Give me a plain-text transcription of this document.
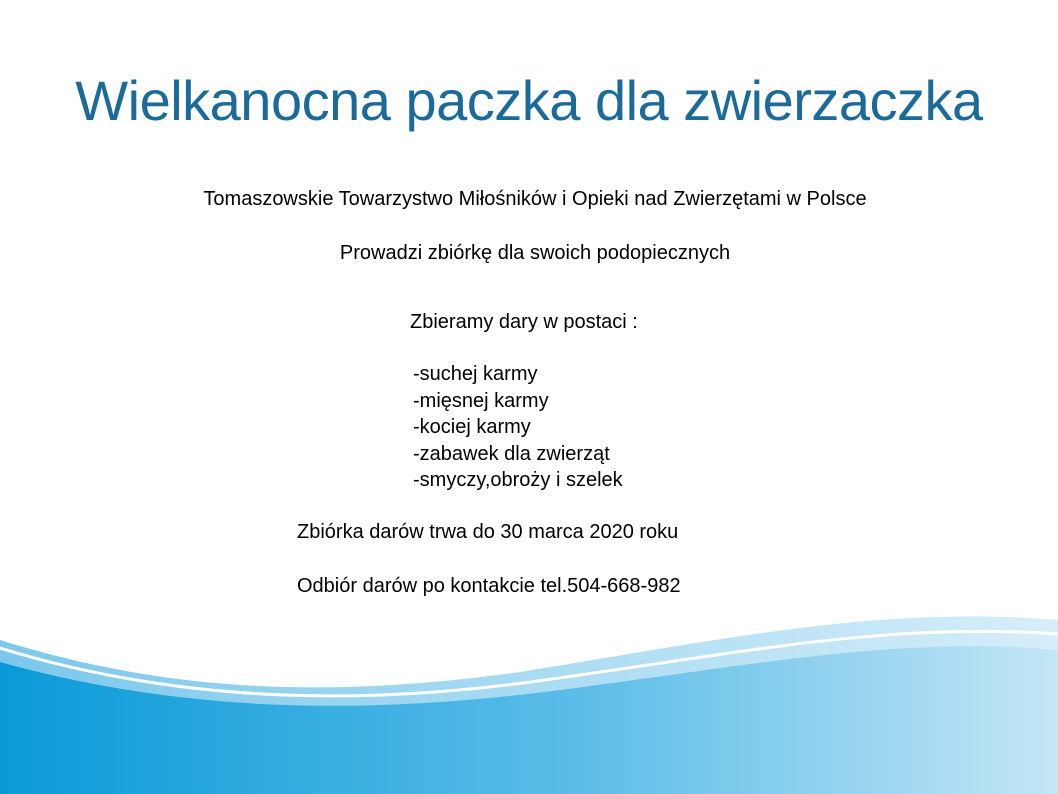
Wielkanocna paczka dla zwierzaczka
Tomaszowskie Towarzystwo Miłośników i Opieki nad Zwierzętami w Polsce
Prowadzi zbiórkę dla swoich podopiecznych
Zbieramy dary w postaci :
-suchej karmy
-mięsnej karmy
-kociej karmy
-zabawek dla zwierząt
-smyczy,obroży i szelek
Zbiórka darów trwa do 30 marca 2020 roku
Odbiór darów po kontakcie tel.504-668-982
